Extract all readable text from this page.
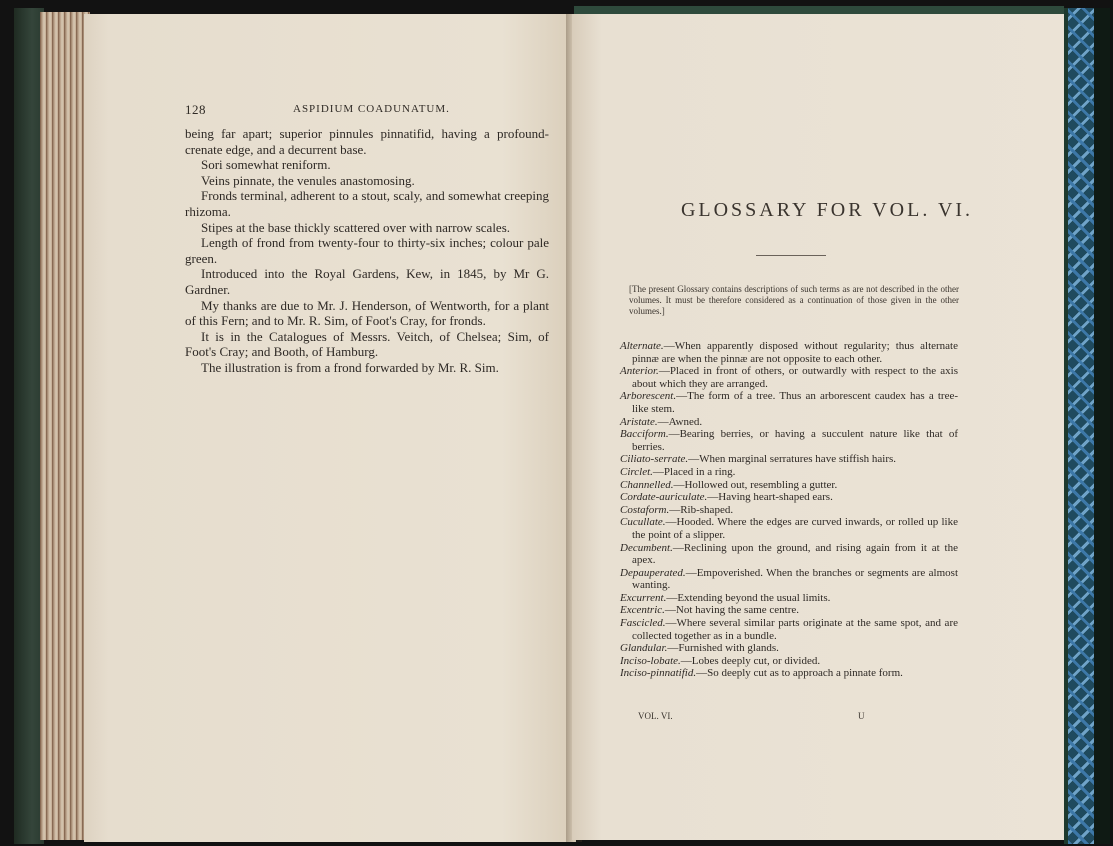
128	ASPIDIUM COADUNATUM.

being far apart; superior pinnules pinnatifid, having a profound-crenate edge, and a decurrent base.

Sori somewhat reniform.

Veins pinnate, the venules anastomosing.

Fronds terminal, adherent to a stout, scaly, and somewhat creeping rhizoma.

Stipes at the base thickly scattered over with narrow scales.

Length of frond from twenty-four to thirty-six inches; colour pale green.

Introduced into the Royal Gardens, Kew, in 1845, by Mr G. Gardner.

My thanks are due to Mr. J. Henderson, of Wentworth, for a plant of this Fern; and to Mr. R. Sim, of Foot's Cray, for fronds.

It is in the Catalogues of Messrs. Veitch, of Chelsea; Sim, of Foot's Cray; and Booth, of Hamburg.

The illustration is from a frond forwarded by Mr. R. Sim.

GLOSSARY FOR VOL. VI.
[The present Glossary contains descriptions of such terms as are not described in the other volumes. It must be therefore considered as a continuation of those given in the other volumes.]

Alternate.—When apparently disposed without regularity; thus alternate pinnæ are when the pinnæ are not opposite to each other.

Anterior.—Placed in front of others, or outwardly with respect to the axis about which they are arranged.

Arborescent.—The form of a tree. Thus an arborescent caudex has a tree-like stem.

Aristate.—Awned.

Bacciform.—Bearing berries, or having a succulent nature like that of berries.

Ciliato-serrate.—When marginal serratures have stiffish hairs.

Circlet.—Placed in a ring.

Channelled.—Hollowed out, resembling a gutter.

Cordate-auriculate.—Having heart-shaped ears.

Costaform.—Rib-shaped.

Cucullate.—Hooded. Where the edges are curved inwards, or rolled up like the point of a slipper.

Decumbent.—Reclining upon the ground, and rising again from it at the apex.

Depauperated.—Empoverished. When the branches or segments are almost wanting.

Excurrent.—Extending beyond the usual limits.

Excentric.—Not having the same centre.

Fascicled.—Where several similar parts originate at the same spot, and are collected together as in a bundle.

Glandular.—Furnished with glands.

Inciso-lobate.—Lobes deeply cut, or divided.

Inciso-pinnatifid.—So deeply cut as to approach a pinnate form.

VOL. VI.	U
